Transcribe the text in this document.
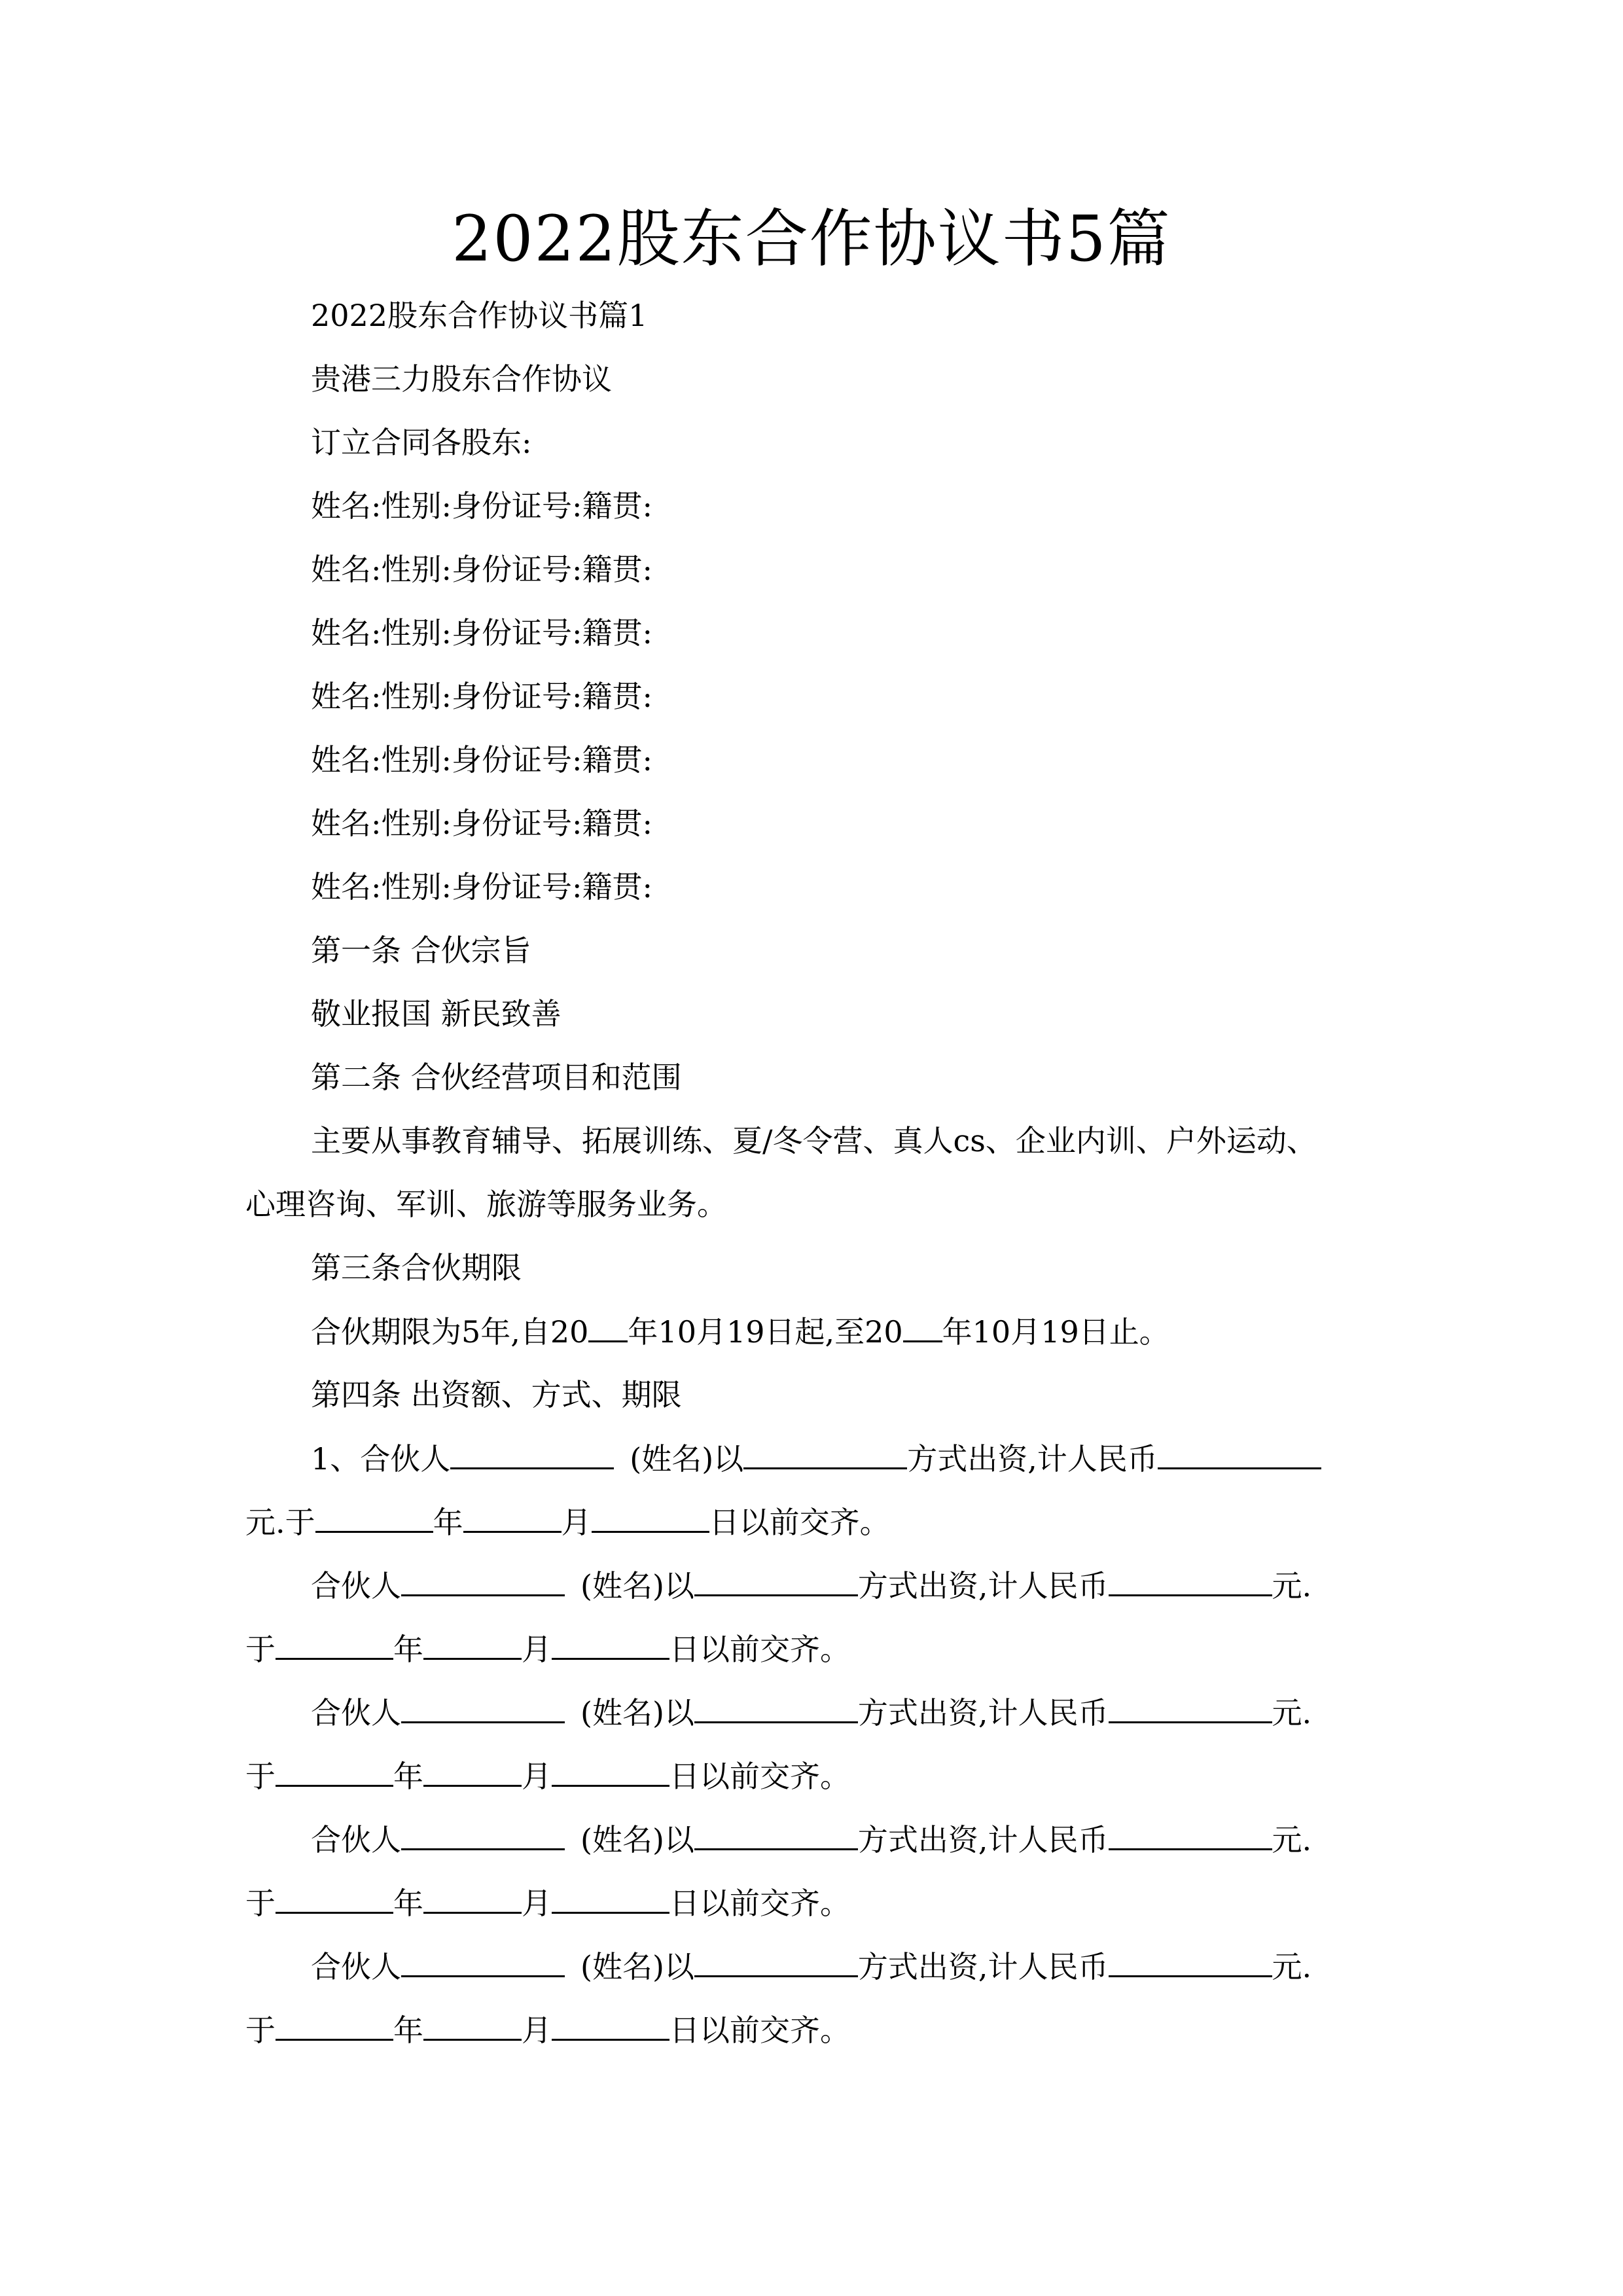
2022股东合作协议书5篇
2022股东合作协议书篇1
贵港三力股东合作协议
订立合同各股东:
姓名:性别:身份证号:籍贯:
姓名:性别:身份证号:籍贯:
姓名:性别:身份证号:籍贯:
姓名:性别:身份证号:籍贯:
姓名:性别:身份证号:籍贯:
姓名:性别:身份证号:籍贯:
姓名:性别:身份证号:籍贯:
第一条 合伙宗旨
敬业报国 新民致善
第二条 合伙经营项目和范围
主要从事教育辅导、拓展训练、夏/冬令营、真人cs、企业内训、户外运动、
心理咨询、军训、旅游等服务业务。
第三条合伙期限
合伙期限为5年,自20 年10月19日起,至20 年10月19日止。
第四条 出资额、方式、期限
1、合伙人	(姓名)以	方式出资,计人民币
元.于	年	月	日以前交齐。
合伙人	(姓名)以	方式出资,计人民币	元.
于	年	月	日以前交齐。
合伙人	(姓名)以	方式出资,计人民币	元.
于	年	月	日以前交齐。
合伙人	(姓名)以	方式出资,计人民币	元.
于	年	月	日以前交齐。
合伙人	(姓名)以	方式出资,计人民币	元.
于	年	月	日以前交齐。
